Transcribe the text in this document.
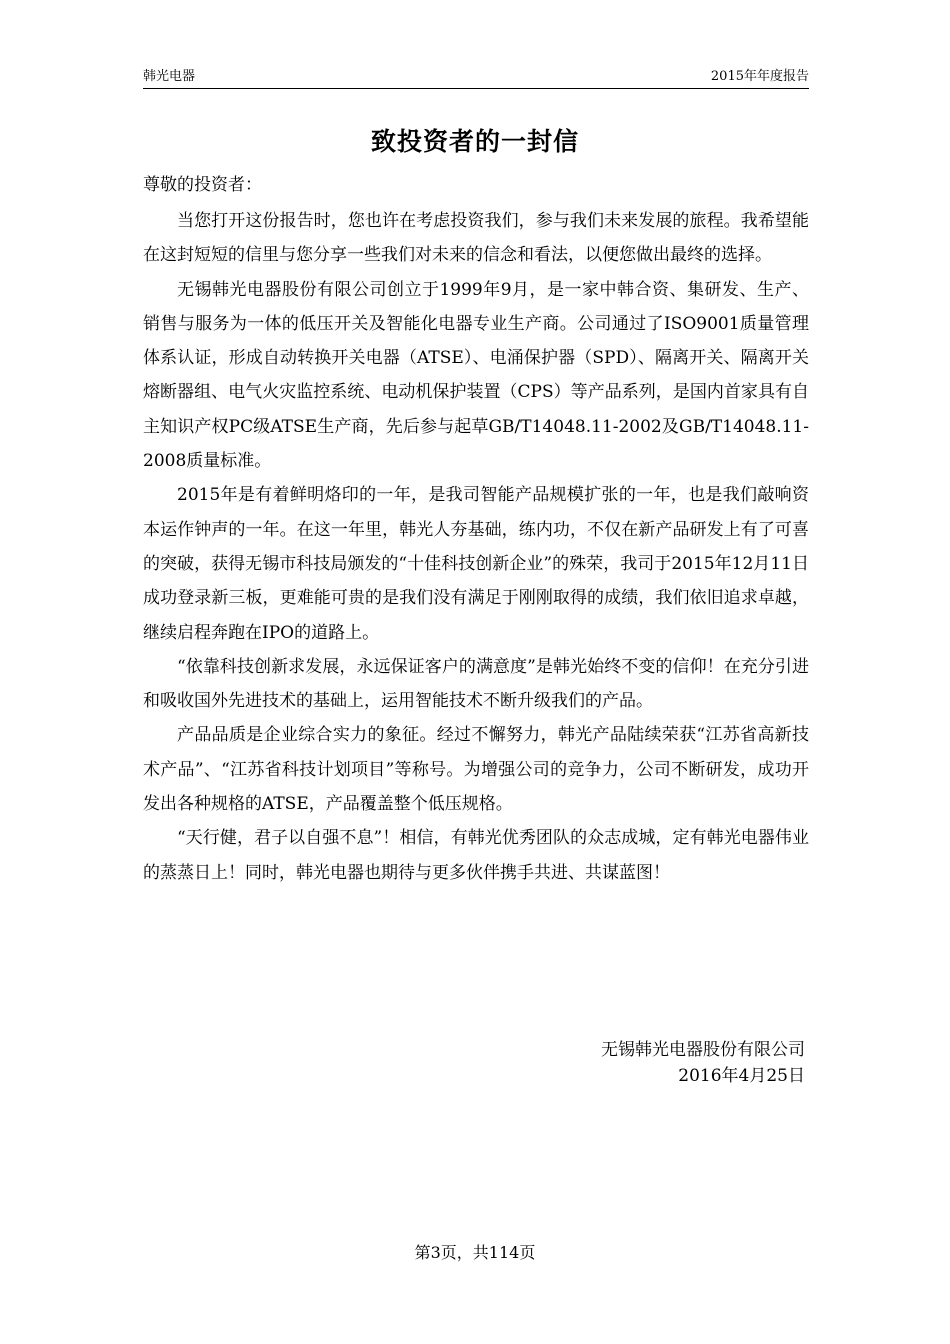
韩光电器	2015年年度报告
致投资者的一封信
尊敬的投资者：

当您打开这份报告时，您也许在考虑投资我们，参与我们未来发展的旅程。我希望能在这封短短的信里与您分享一些我们对未来的信念和看法，以便您做出最终的选择。

无锡韩光电器股份有限公司创立于1999年9月，是一家中韩合资、集研发、生产、销售与服务为一体的低压开关及智能化电器专业生产商。公司通过了ISO9001质量管理体系认证，形成自动转换开关电器（ATSE）、电涌保护器（SPD）、隔离开关、隔离开关熔断器组、电气火灾监控系统、电动机保护装置（CPS）等产品系列，是国内首家具有自主知识产权PC级ATSE生产商，先后参与起草GB/T14048.11-2002及GB/T14048.11-2008质量标准。

2015年是有着鲜明烙印的一年，是我司智能产品规模扩张的一年，也是我们敲响资本运作钟声的一年。在这一年里，韩光人夯基础，练内功，不仅在新产品研发上有了可喜的突破，获得无锡市科技局颁发的“十佳科技创新企业”的殊荣，我司于2015年12月11日成功登录新三板，更难能可贵的是我们没有满足于刚刚取得的成绩，我们依旧追求卓越，继续启程奔跑在IPO的道路上。

“依靠科技创新求发展，永远保证客户的满意度”是韩光始终不变的信仰！在充分引进和吸收国外先进技术的基础上，运用智能技术不断升级我们的产品。

产品品质是企业综合实力的象征。经过不懈努力，韩光产品陆续荣获“江苏省高新技术产品”、“江苏省科技计划项目”等称号。为增强公司的竞争力，公司不断研发，成功开发出各种规格的ATSE，产品覆盖整个低压规格。

“天行健，君子以自强不息”！相信，有韩光优秀团队的众志成城，定有韩光电器伟业的蒸蒸日上！同时，韩光电器也期待与更多伙伴携手共进、共谋蓝图！

无锡韩光电器股份有限公司
2016年4月25日
第3页，共114页
